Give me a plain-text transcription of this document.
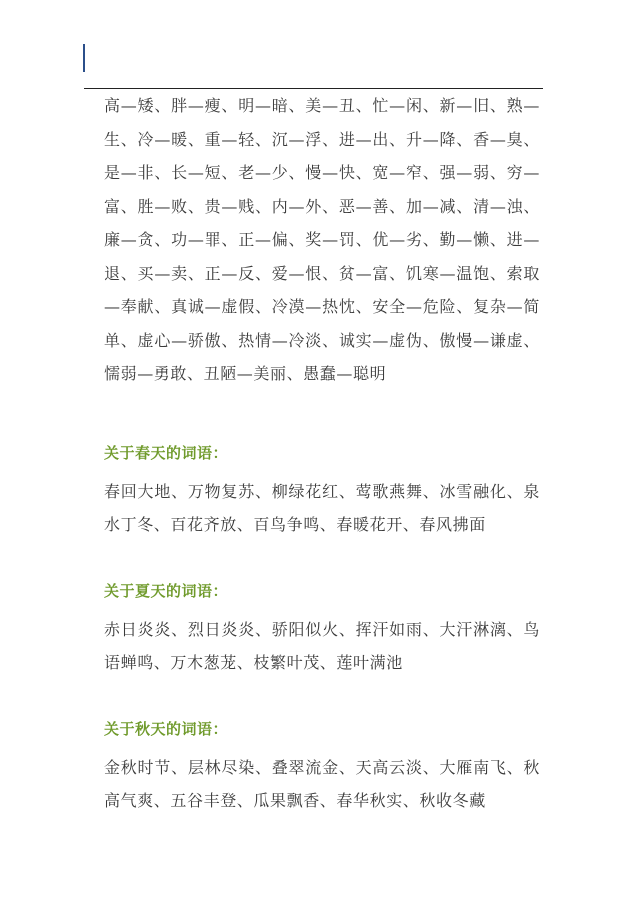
高—矮、胖—瘦、明—暗、美—丑、忙—闲、新—旧、熟—生、冷—暖、重—轻、沉—浮、进—出、升—降、香—臭、是—非、长—短、老—少、慢—快、宽—窄、强—弱、穷—富、胜—败、贵—贱、内—外、恶—善、加—减、清—浊、廉—贪、功—罪、正—偏、奖—罚、优—劣、勤—懒、进—退、买—卖、正—反、爱—恨、贫—富、饥寒—温饱、索取—奉献、真诚—虚假、冷漠—热忱、安全—危险、复杂—简单、虚心—骄傲、热情—冷淡、诚实—虚伪、傲慢—谦虚、懦弱—勇敢、丑陋—美丽、愚蠢—聪明

关于春天的词语：

春回大地、万物复苏、柳绿花红、莺歌燕舞、冰雪融化、泉水丁冬、百花齐放、百鸟争鸣、春暖花开、春风拂面

关于夏天的词语：

赤日炎炎、烈日炎炎、骄阳似火、挥汗如雨、大汗淋漓、鸟语蝉鸣、万木葱茏、枝繁叶茂、莲叶满池

关于秋天的词语：

金秋时节、层林尽染、叠翠流金、天高云淡、大雁南飞、秋高气爽、五谷丰登、瓜果飘香、春华秋实、秋收冬藏
